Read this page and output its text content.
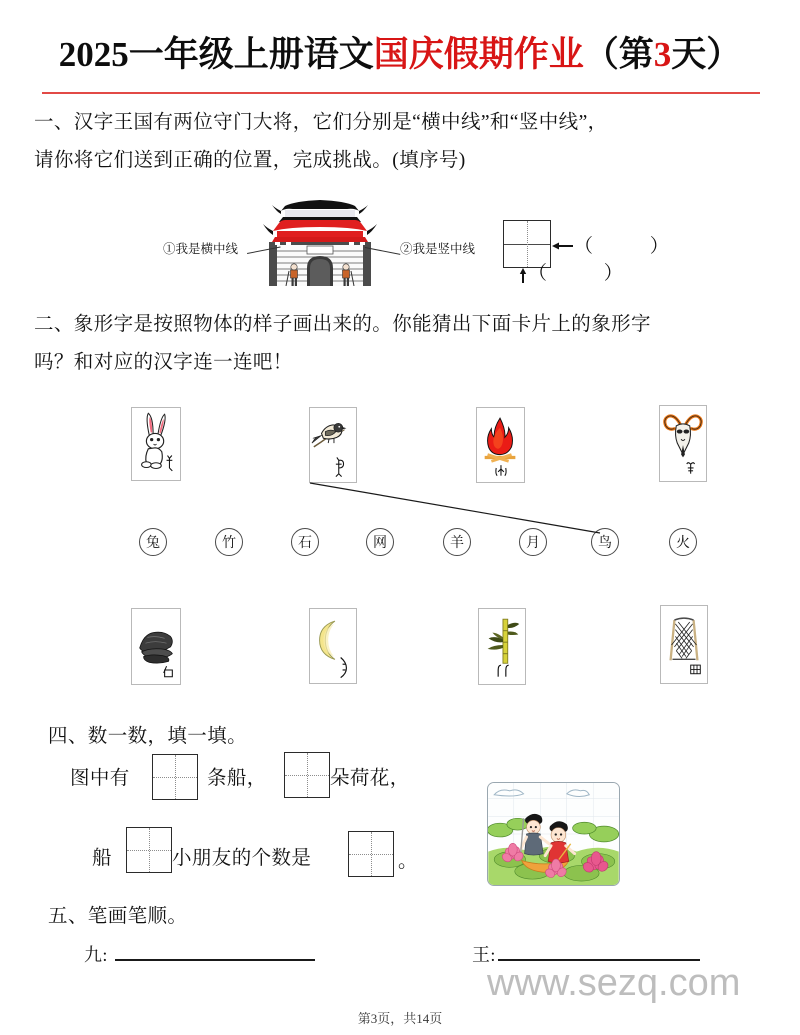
2025一年级上册语文国庆假期作业（第3天）
一、汉字王国有两位守门大将，它们分别是“横中线”和“竖中线”，
请你将它们送到正确的位置，完成挑战。(填序号)
①我是横中线	②我是竖中线	（ ）
（ ）
二、象形字是按照物体的样子画出来的。你能猜出下面卡片上的象形字
吗？和对应的汉字连一连吧！
兔	竹	石	网	羊	月	鸟	火
四、数一数，填一填。
图中有	条船，	朵荷花，
船	小朋友的个数是	。
五、笔画笔顺。
九:	王:
www.sezq.com
第3页，共14页
